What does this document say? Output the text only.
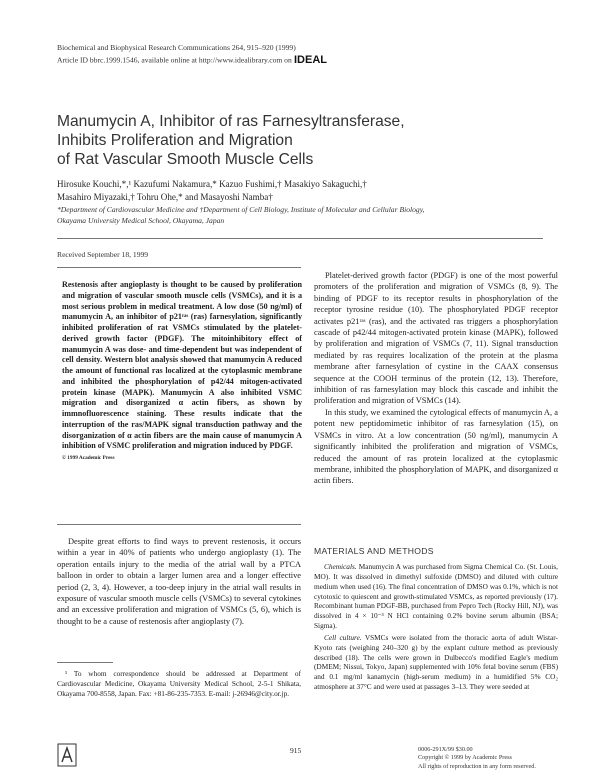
Biochemical and Biophysical Research Communications 264, 915–920 (1999)
Article ID bbrc.1999.1546, available online at http://www.idealibrary.com on IDEAL
Manumycin A, Inhibitor of ras Farnesyltransferase,
Inhibits Proliferation and Migration
of Rat Vascular Smooth Muscle Cells
Hirosuke Kouchi,*,¹ Kazufumi Nakamura,* Kazuo Fushimi,† Masakiyo Sakaguchi,†
Masahiro Miyazaki,† Tohru Ohe,* and Masayoshi Namba†
*Department of Cardiovascular Medicine and †Department of Cell Biology, Institute of Molecular and Cellular Biology,
Okayama University Medical School, Okayama, Japan
Received September 18, 1999
Restenosis after angioplasty is thought to be caused by proliferation and migration of vascular smooth muscle cells (VSMCs), and it is a most serious problem in medical treatment. A low dose (50 ng/ml) of manumycin A, an inhibitor of p21ʳᵃˢ (ras) farnesylation, significantly inhibited proliferation of rat VSMCs stimulated by the platelet-derived growth factor (PDGF). The mitoinhibitory effect of manumycin A was dose- and time-dependent but was independent of cell density. Western blot analysis showed that manumycin A reduced the amount of functional ras localized at the cytoplasmic membrane and inhibited the phosphorylation of p42/44 mitogen-activated protein kinase (MAPK). Manumycin A also inhibited VSMC migration and disorganized α actin fibers, as shown by immnofluorescence staining. These results indicate that the interruption of the ras/MAPK signal transduction pathway and the disorganization of α actin fibers are the main cause of manumycin A inhibition of VSMC proliferation and migration induced by PDGF.
© 1999 Academic Press

Despite great efforts to find ways to prevent restenosis, it occurs within a year in 40% of patients who undergo angioplasty (1). The operation entails injury to the media of the atrial wall by a PTCA balloon in order to obtain a larger lumen area and a longer effective period (2, 3, 4). However, a too-deep injury in the atrial wall results in exposure of vascular smooth muscle cells (VSMCs) to several cytokines and an excessive proliferation and migration of VSMCs (5, 6), which is thought to be a cause of restenosis after angioplasty (7).

¹ To whom correspondence should be addressed at Department of Cardiovascular Medicine, Okayama University Medical School, 2-5-1 Shikata, Okayama 700-8558, Japan. Fax: +81-86-235-7353. E-mail: j-26946@city.or.jp.

Platelet-derived growth factor (PDGF) is one of the most powerful promoters of the proliferation and migration of VSMCs (8, 9). The binding of PDGF to its receptor results in phosphorylation of the receptor tyrosine residue (10). The phosphorylated PDGF receptor activates p21ʳᵃˢ (ras), and the activated ras triggers a phosphorylation cascade of p42/44 mitogen-activated protein kinase (MAPK), followed by proliferation and migration of VSMCs (7, 11). Signal transduction mediated by ras requires localization of the protein at the plasma membrane after farnesylation of cystine in the CAAX consensus sequence at the COOH terminus of the protein (12, 13). Therefore, inhibition of ras farnesylation may block this cascade and inhibit the proliferation and migration of VSMCs (14).

In this study, we examined the cytological effects of manumycin A, a potent new peptidomimetic inhibitor of ras farnesylation (15), on VSMCs in vitro. At a low concentration (50 ng/ml), manumycin A significantly inhibited the proliferation and migration of VSMCs, reduced the amount of ras protein localized at the cytoplasmic membrane, inhibited the phosphorylation of MAPK, and disorganized α actin fibers.

MATERIALS AND METHODS

Chemicals. Manumycin A was purchased from Sigma Chemical Co. (St. Louis, MO). It was dissolved in dimethyl sulfoxide (DMSO) and diluted with culture medium when used (16). The final concentration of DMSO was 0.1%, which is not cytotoxic to quiescent and growth-stimulated VSMCs, as reported previously (17). Recombinant human PDGF-BB, purchased from Pepro Tech (Rocky Hill, NJ), was dissolved in 4 × 10⁻³ N HCl containing 0.2% bovine serum albumin (BSA; Sigma).

Cell culture. VSMCs were isolated from the thoracic aorta of adult Wistar-Kyoto rats (weighing 240–320 g) by the explant culture method as previously described (18). The cells were grown in Dulbecco's modified Eagle's medium (DMEM; Nissui, Tokyo, Japan) supplemented with 10% fetal bovine serum (FBS) and 0.1 mg/ml kanamycin (high-serum medium) in a humidified 5% CO₂ atmosphere at 37°C and were used at passages 3–13. They were seeded at

915	0006-291X/99 $30.00
Copyright © 1999 by Academic Press
All rights of reproduction in any form reserved.
